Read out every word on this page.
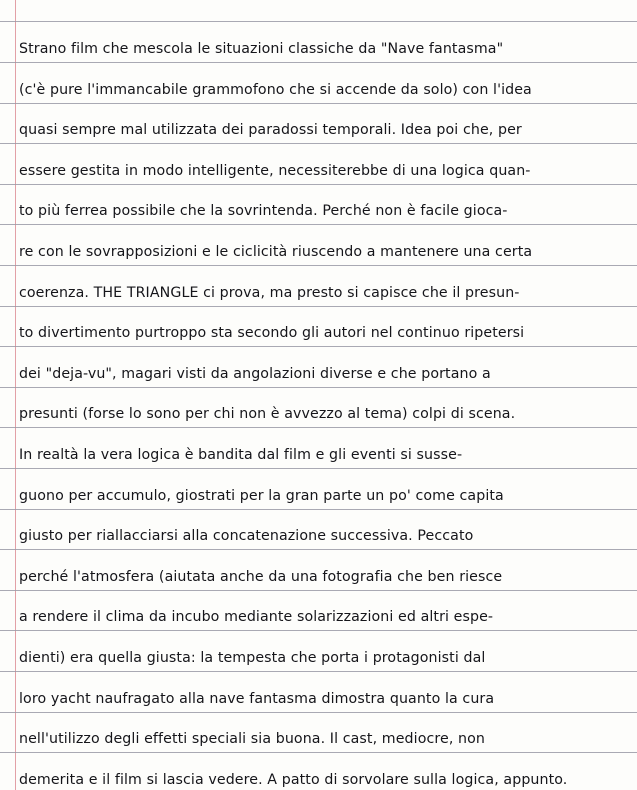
Strano film che mescola le situazioni classiche da "Nave fantasma"
(c'è pure l'immancabile grammofono che si accende da solo) con l'idea
quasi sempre mal utilizzata dei paradossi temporali. Idea poi che, per
essere gestita in modo intelligente, necessiterebbe di una logica quan-
to più ferrea possibile che la sovrintenda. Perché non è facile gioca-
re con le sovrapposizioni e le ciclicità riuscendo a mantenere una certa
coerenza. THE TRIANGLE ci prova, ma presto si capisce che il presun-
to divertimento purtroppo sta secondo gli autori nel continuo ripetersi
dei "deja-vu", magari visti da angolazioni diverse e che portano a
presunti (forse lo sono per chi non è avvezzo al tema) colpi di scena.
In realtà la vera logica è bandita dal film e gli eventi si susse-
guono per accumulo, giostrati per la gran parte un po' come capita
giusto per riallacciarsi alla concatenazione successiva. Peccato
perché l'atmosfera (aiutata anche da una fotografia che ben riesce
a rendere il clima da incubo mediante solarizzazioni ed altri espe-
dienti) era quella giusta: la tempesta che porta i protagonisti dal
loro yacht naufragato alla nave fantasma dimostra quanto la cura
nell'utilizzo degli effetti speciali sia buona. Il cast, mediocre, non
demerita e il film si lascia vedere. A patto di sorvolare sulla logica, appunto.
